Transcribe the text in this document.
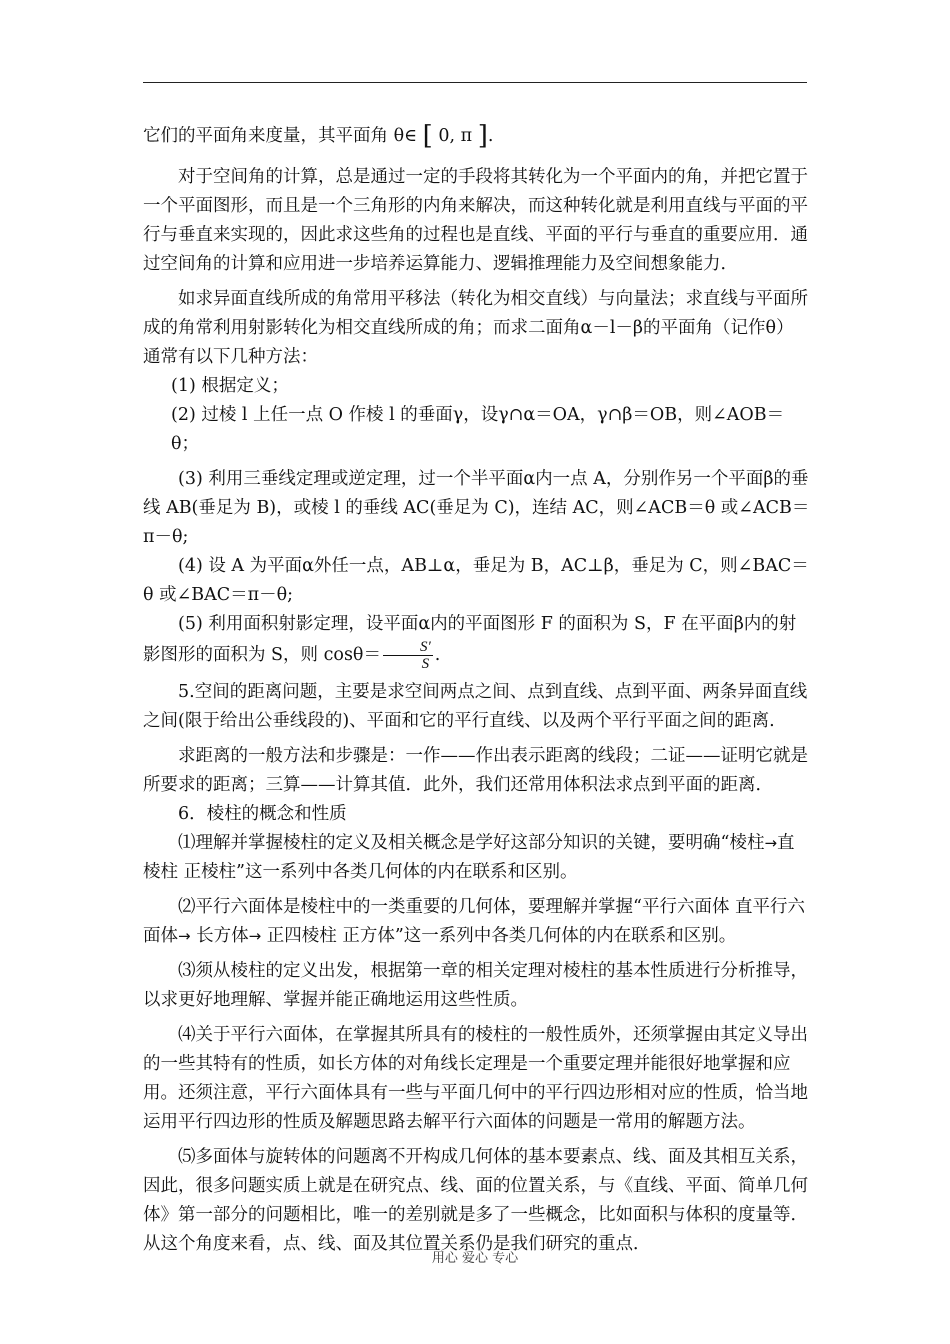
它们的平面角来度量，其平面角 θ∈ [ 0, π ].

对于空间角的计算，总是通过一定的手段将其转化为一个平面内的角，并把它置于一个平面图形，而且是一个三角形的内角来解决，而这种转化就是利用直线与平面的平行与垂直来实现的，因此求这些角的过程也是直线、平面的平行与垂直的重要应用．通过空间角的计算和应用进一步培养运算能力、逻辑推理能力及空间想象能力．

如求异面直线所成的角常用平移法（转化为相交直线）与向量法；求直线与平面所成的角常利用射影转化为相交直线所成的角；而求二面角α－l－β的平面角（记作θ）通常有以下几种方法：

(1) 根据定义；

(2) 过棱 l 上任一点 O 作棱 l 的垂面γ，设γ∩α＝OA，γ∩β＝OB，则∠AOB＝θ；

(3) 利用三垂线定理或逆定理，过一个半平面α内一点 A，分别作另一个平面β的垂线 AB(垂足为 B)，或棱 l 的垂线 AC(垂足为 C)，连结 AC，则∠ACB＝θ 或∠ACB＝π－θ;

(4) 设 A 为平面α外任一点，AB⊥α，垂足为 B，AC⊥β，垂足为 C，则∠BAC＝θ 或∠BAC＝π－θ;

(5) 利用面积射影定理，设平面α内的平面图形 F 的面积为 S，F 在平面β内的射影图形的面积为 S，则 $\cos\theta= \frac{S'}{S}$ .

5.空间的距离问题，主要是求空间两点之间、点到直线、点到平面、两条异面直线之间(限于给出公垂线段的)、平面和它的平行直线、以及两个平行平面之间的距离.

求距离的一般方法和步骤是：一作——作出表示距离的线段；二证——证明它就是所要求的距离；三算——计算其值．此外，我们还常用体积法求点到平面的距离．

6．棱柱的概念和性质

⑴理解并掌握棱柱的定义及相关概念是学好这部分知识的关键，要明确“棱柱→直棱柱 正棱柱”这一系列中各类几何体的内在联系和区别。

⑵平行六面体是棱柱中的一类重要的几何体，要理解并掌握“平行六面体 直平行六面体→ 长方体→ 正四棱柱 正方体”这一系列中各类几何体的内在联系和区别。

⑶须从棱柱的定义出发，根据第一章的相关定理对棱柱的基本性质进行分析推导，以求更好地理解、掌握并能正确地运用这些性质。

⑷关于平行六面体，在掌握其所具有的棱柱的一般性质外，还须掌握由其定义导出的一些其特有的性质，如长方体的对角线长定理是一个重要定理并能很好地掌握和应用。还须注意，平行六面体具有一些与平面几何中的平行四边形相对应的性质，恰当地运用平行四边形的性质及解题思路去解平行六面体的问题是一常用的解题方法。

⑸多面体与旋转体的问题离不开构成几何体的基本要素点、线、面及其相互关系，因此，很多问题实质上就是在研究点、线、面的位置关系，与《直线、平面、简单几何体》第一部分的问题相比，唯一的差别就是多了一些概念，比如面积与体积的度量等．从这个角度来看，点、线、面及其位置关系仍是我们研究的重点．

用心 爱心 专心
